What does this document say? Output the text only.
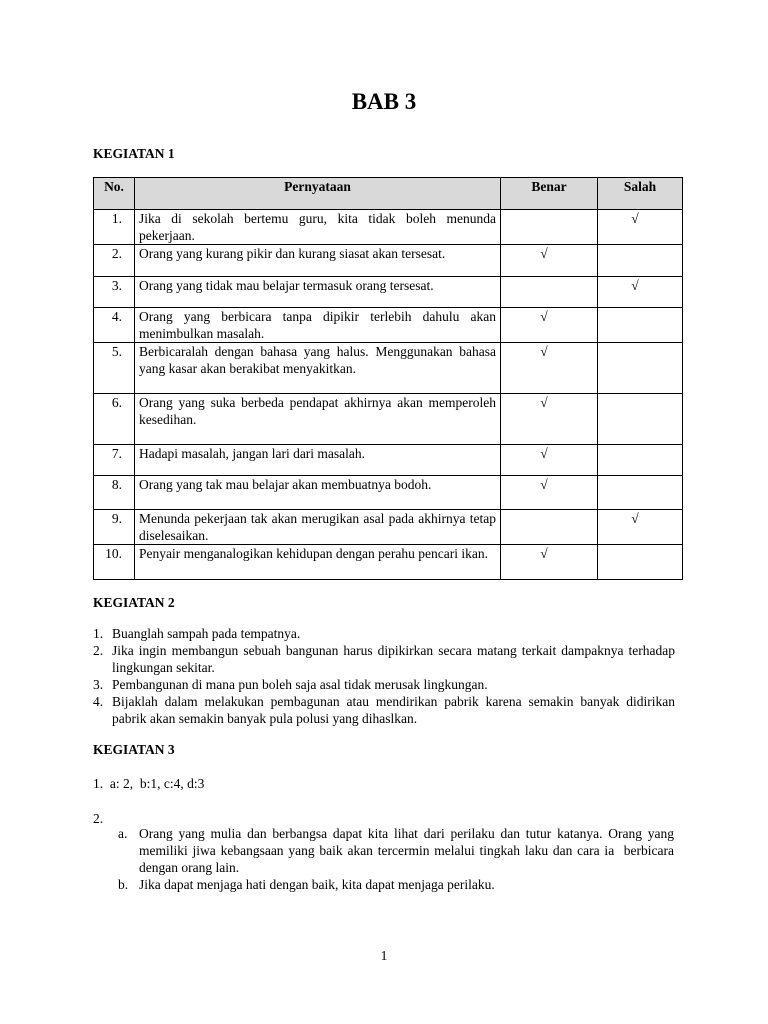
BAB 3
KEGIATAN 1
No.	Pernyataan	Benar	Salah
1.	Jika di sekolah bertemu guru, kita tidak boleh menunda pekerjaan.		√
2.	Orang yang kurang pikir dan kurang siasat akan tersesat.	√	
3.	Orang yang tidak mau belajar termasuk orang tersesat.		√
4.	Orang yang berbicara tanpa dipikir terlebih dahulu akan menimbulkan masalah.	√	
5.	Berbicaralah dengan bahasa yang halus. Menggunakan bahasa yang kasar akan berakibat menyakitkan.	√	
6.	Orang yang suka berbeda pendapat akhirnya akan memperoleh kesedihan.	√	
7.	Hadapi masalah, jangan lari dari masalah.	√	
8.	Orang yang tak mau belajar akan membuatnya bodoh.	√	
9.	Menunda pekerjaan tak akan merugikan asal pada akhirnya tetap diselesaikan.		√
10.	Penyair menganalogikan kehidupan dengan perahu pencari ikan.	√	
KEGIATAN 2
1. Buanglah sampah pada tempatnya.
2. Jika ingin membangun sebuah bangunan harus dipikirkan secara matang terkait dampaknya terhadap lingkungan sekitar.
3. Pembangunan di mana pun boleh saja asal tidak merusak lingkungan.
4. Bijaklah dalam melakukan pembagunan atau mendirikan pabrik karena semakin banyak didirikan pabrik akan semakin banyak pula polusi yang dihaslkan.
KEGIATAN 3
1.  a: 2,  b:1, c:4, d:3
2.
a. Orang yang mulia dan berbangsa dapat kita lihat dari perilaku dan tutur katanya. Orang yang memiliki jiwa kebangsaan yang baik akan tercermin melalui tingkah laku dan cara ia  berbicara dengan orang lain.
b. Jika dapat menjaga hati dengan baik, kita dapat menjaga perilaku.
1
